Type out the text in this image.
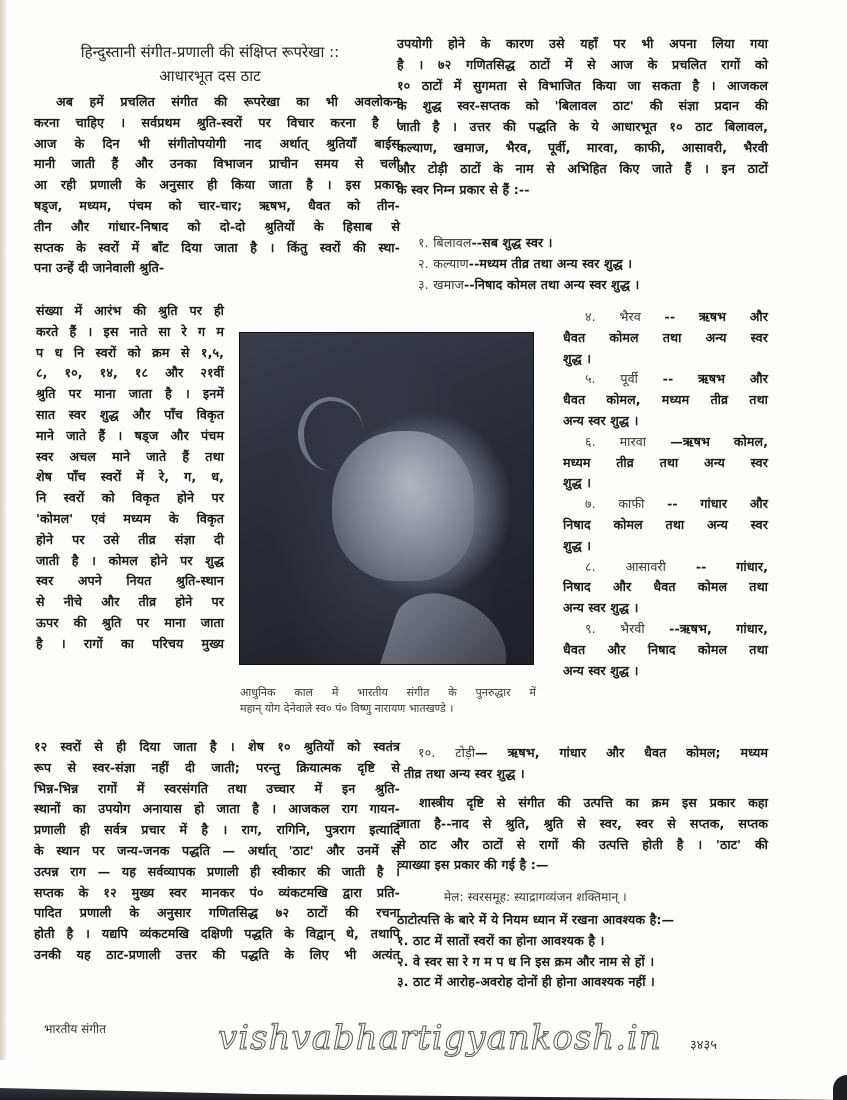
हिन्दुस्तानी संगीत-प्रणाली की संक्षिप्त रूपरेखा ::
आधारभूत दस ठाट
अब हमें प्रचलित संगीत की रूपरेखा का भी अवलोकन
करना चाहिए । सर्वप्रथम श्रुति-स्वरों पर विचार करना है ।
आज के दिन भी संगीतोपयोगी नाद अर्थात् श्रुतियाँ बाईस
मानी जाती हैं और उनका विभाजन प्राचीन समय से चली
आ रही प्रणाली के अनुसार ही किया जाता है । इस प्रकार
षड्ज, मध्यम, पंचम को चार-चार; ऋषभ, धैवत को तीन-
तीन और गांधार-निषाद को दो-दो श्रुतियों के हिसाब से
सप्तक के स्वरों में बाँट दिया जाता है । किंतु स्वरों की स्था-
पना उन्हें दी जानेवाली श्रुति-
संख्या में आरंभ की श्रुति पर ही
करते हैं । इस नाते सा रे ग म
प ध नि स्वरों को क्रम से १,५,
८, १०, १४, १८ और २१वीं
श्रुति पर माना जाता है । इनमें
सात स्वर शुद्ध और पाँच विकृत
माने जाते हैं । षड्ज और पंचम
स्वर अचल माने जाते हैं तथा
शेष पाँच स्वरों में रे, ग, ध,
नि स्वरों को विकृत होने पर
'कोमल' एवं मध्यम के विकृत
होने पर उसे तीव्र संज्ञा दी
जाती है । कोमल होने पर शुद्ध
स्वर अपने नियत श्रुति-स्थान
से नीचे और तीव्र होने पर
ऊपर की श्रुति पर माना जाता
है । रागों का परिचय मुख्य
१२ स्वरों से ही दिया जाता है । शेष १० श्रुतियों को स्वतंत्र
रूप से स्वर-संज्ञा नहीं दी जाती; परन्तु क्रियात्मक दृष्टि से
भिन्न-भिन्न रागों में स्वरसंगति तथा उच्चार में इन श्रुति-
स्थानों का उपयोग अनायास हो जाता है । आजकल राग गायन-
प्रणाली ही सर्वत्र प्रचार में है । राग, रागिनि, पुत्रराग इत्यादि
के स्थान पर जन्य-जनक पद्धति — अर्थात् 'ठाट' और उनमें से
उत्पन्न राग — यह सर्वव्यापक प्रणाली ही स्वीकार की जाती है ।
सप्तक के १२ मुख्य स्वर मानकर पं० व्यंकटमखि द्वारा प्रति-
पादित प्रणाली के अनुसार गणितसिद्ध ७२ ठाटों की रचना
होती है । यद्यपि व्यंकटमखि दक्षिणी पद्धति के विद्वान् थे, तथापि
उनकी यह ठाट-प्रणाली उत्तर की पद्धति के लिए भी अत्यंत
उपयोगी होने के कारण उसे यहाँ पर भी अपना लिया गया
है । ७२ गणितसिद्ध ठाटों में से आज के प्रचलित रागों को
१० ठाटों में सुगमता से विभाजित किया जा सकता है । आजकल
के शुद्ध स्वर-सप्तक को 'बिलावल ठाट' की संज्ञा प्रदान की
जाती है । उत्तर की पद्धति के ये आधारभूत १० ठाट बिलावल,
कल्याण, खमाज, भैरव, पूर्वी, मारवा, काफी, आसावरी, भैरवी
और टोड़ी ठाटों के नाम से अभिहित किए जाते हैं । इन ठाटों
के स्वर निम्न प्रकार से हैं :--
१. बिलावल--सब शुद्ध स्वर ।
२. कल्याण--मध्यम तीव्र तथा अन्य स्वर शुद्ध ।
३. खमाज--निषाद कोमल तथा अन्य स्वर शुद्ध ।
४. भैरव -- ऋषभ और
धैवत कोमल तथा अन्य स्वर
शुद्ध ।
५. पूर्वी -- ऋषभ और
धैवत कोमल, मध्यम तीव्र तथा
अन्य स्वर शुद्ध ।
६. मारवा —ऋषभ कोमल,
मध्यम तीव्र तथा अन्य स्वर
शुद्ध ।
७. काफी -- गांधार और
निषाद कोमल तथा अन्य स्वर
शुद्ध ।
८. आसावरी -- गांधार,
निषाद और धैवत कोमल तथा
अन्य स्वर शुद्ध ।
९. भैरवी --ऋषभ, गांधार,
धैवत और निषाद कोमल तथा
अन्य स्वर शुद्ध ।
आधुनिक काल में भारतीय संगीत के पुनरुद्धार में
महान् योग देनेवाले स्व० पं० विष्णु नारायण भातखण्डे ।
१०. टोड़ी— ऋषभ, गांधार और धैवत कोमल; मध्यम
तीव्र तथा अन्य स्वर शुद्ध ।
शास्त्रीय दृष्टि से संगीत की उत्पत्ति का क्रम इस प्रकार कहा
जाता है--नाद से श्रुति, श्रुति से स्वर, स्वर से सप्तक, सप्तक
से ठाट और ठाटों से रागों की उत्पत्ति होती है । 'ठाट' की
व्याख्या इस प्रकार की गई है :—
मेल: स्वरसमूह: स्याद्रागव्यंजन शक्तिमान् ।
ठाटोत्पत्ति के बारे में ये नियम ध्यान में रखना आवश्यक है:—
१. ठाट में सातों स्वरों का होना आवश्यक है ।
२. वे स्वर सा रे ग म प ध नि इस क्रम और नाम से हों ।
३. ठाट में आरोह-अवरोह दोनों ही होना आवश्यक नहीं ।
भारतीय संगीत	vishvabhartigyankosh.in ३४३५
